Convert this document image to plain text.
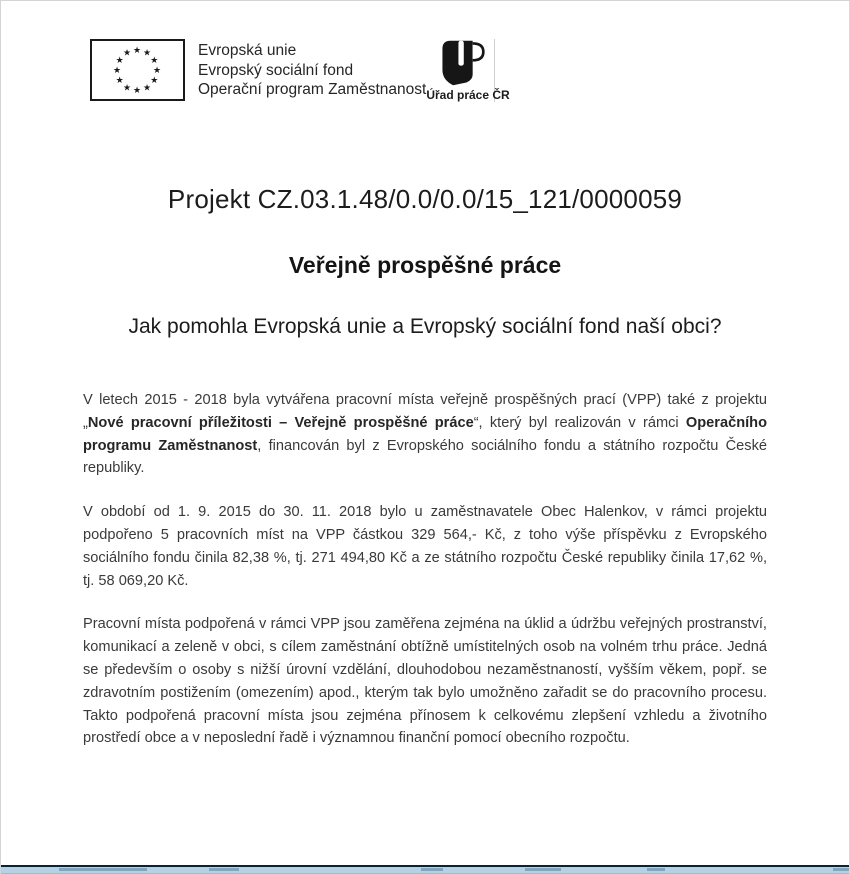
★ ★
★
★
★
★
★
★
★
★
★
★	Evropská unie
Evropský sociální fond
Operační program Zaměstnanost Úřad práce ČR
Projekt CZ.03.1.48/0.0/0.0/15_121/0000059
Veřejně prospěšné práce
Jak pomohla Evropská unie a Evropský sociální fond naší obci?

V letech 2015 - 2018 byla vytvářena pracovní místa veřejně prospěšných prací (VPP) také z projektu „Nové pracovní příležitosti – Veřejně prospěšné práce“, který byl realizován v rámci Operačního programu Zaměstnanost, financován byl z Evropského sociálního fondu a státního rozpočtu České republiky.

V období od 1. 9. 2015 do 30. 11. 2018 bylo u zaměstnavatele Obec Halenkov, v rámci projektu podpořeno 5 pracovních míst na VPP částkou 329 564,- Kč, z toho výše příspěvku z Evropského sociálního fondu činila 82,38 %, tj. 271 494,80 Kč a ze státního rozpočtu České republiky činila 17,62 %, tj. 58 069,20 Kč.

Pracovní místa podpořená v rámci VPP jsou zaměřena zejména na úklid a údržbu veřejných prostranství, komunikací a zeleně v obci, s cílem zaměstnání obtížně umístitelných osob na volném trhu práce. Jedná se především o osoby s nižší úrovní vzdělání, dlouhodobou nezaměstnaností, vyšším věkem, popř. se zdravotním postižením (omezením) apod., kterým tak bylo umožněno zařadit se do pracovního procesu. Takto podpořená pracovní místa jsou zejména přínosem k celkovému zlepšení vzhledu a životního prostředí obce a v neposlední řadě i významnou finanční pomocí obecního rozpočtu.
